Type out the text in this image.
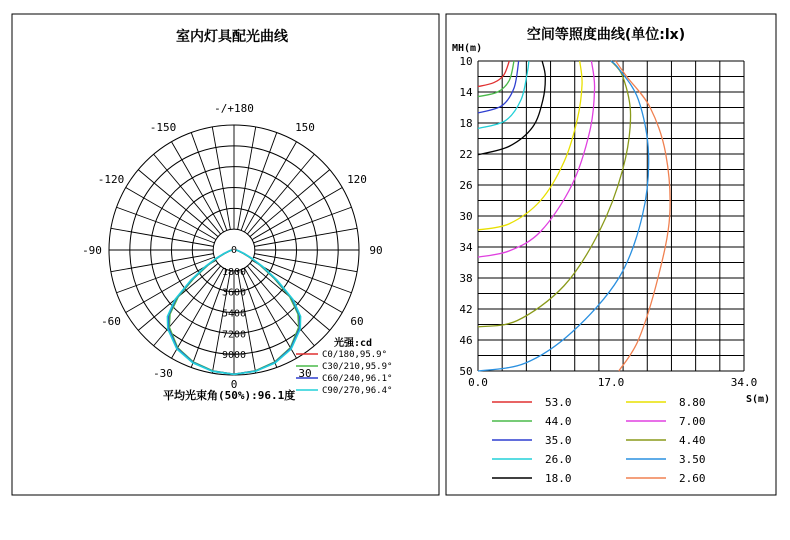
室内灯具配光曲线
-/+180
-150	150
-120	120
-90	90
-60	60
-30	30
0
0
1800
3600
5400
7200
9000
光强:cd
C0/180,95.9°
C30/210,95.9°
C60/240,96.1°
C90/270,96.4°
平均光束角(50%):96.1度
空间等照度曲线(单位:lx)
MH(m)
S(m)
10
14
18
22
26
30
34
38
42
46
50
0.0	17.0	34.0
53.0
44.0
35.0
26.0
18.0
8.80
7.00
4.40
3.50
2.60
